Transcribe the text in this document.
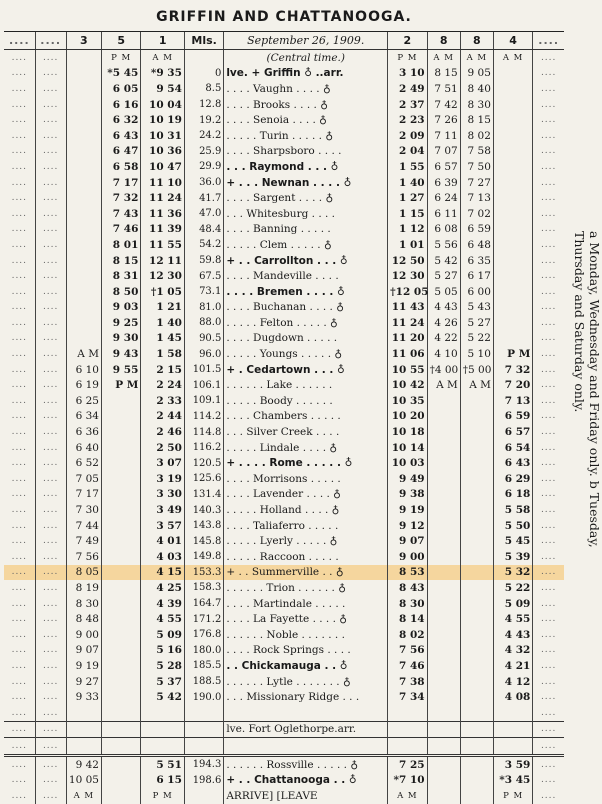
GRIFFIN AND CHATTANOOGA.
....	....	3	5	1	Mls.	September 26, 1909.	2	8	8	4	....
....	....		P M	A M		(Central time.)	P M	A M	A M	A M	....
....	....		*5 45	*9 35	0	lve. + Griffin ♁ ..arr.	3 10	8 15	9 05		....
....	....		6 05	9 54	8.5	. . . . Vaughn . . . . ♁	2 49	7 51	8 40		....
....	....		6 16	10 04	12.8	. . . . Brooks . . . . ♁	2 37	7 42	8 30		....
....	....		6 32	10 19	19.2	. . . . Senoia . . . . ♁	2 23	7 26	8 15		....
....	....		6 43	10 31	24.2	. . . . . Turin . . . . . ♁	2 09	7 11	8 02		....
....	....		6 47	10 36	25.9	. . . . Sharpsboro . . . .	2 04	7 07	7 58		....
....	....		6 58	10 47	29.9	. . . Raymond . . . ♁	1 55	6 57	7 50		....
....	....		7 17	11 10	36.0	+ . . . Newnan . . . . ♁	1 40	6 39	7 27		....
....	....		7 32	11 24	41.7	. . . . Sargent . . . . ♁	1 27	6 24	7 13		....
....	....		7 43	11 36	47.0	. . . Whitesburg . . . .	1 15	6 11	7 02		....
....	....		7 46	11 39	48.4	. . . . Banning . . . . .	1 12	6 08	6 59		....
....	....		8 01	11 55	54.2	. . . . . Clem . . . . . ♁	1 01	5 56	6 48		....
....	....		8 15	12 11	59.8	+ . . Carrollton . . . ♁	12 50	5 42	6 35		....
....	....		8 31	12 30	67.5	. . . . Mandeville . . . .	12 30	5 27	6 17		....
....	....		8 50	†1 05	73.1	. . . . Bremen . . . . ♁	†12 05	5 05	6 00		....
....	....		9 03	1 21	81.0	. . . . Buchanan . . . . ♁	11 43	4 43	5 43		....
....	....		9 25	1 40	88.0	. . . . . Felton . . . . . ♁	11 24	4 26	5 27		....
....	....		9 30	1 45	90.5	. . . . Dugdown . . . . .	11 20	4 22	5 22		....
....	....	A M	9 43	1 58	96.0	. . . . . Youngs . . . . . ♁	11 06	4 10	5 10	P M	....
....	....	6 10	9 55	2 15	101.5	+ . Cedartown . . . ♁	10 55	†4 00	†5 00	7 32	....
....	....	6 19	P M	2 24	106.1	. . . . . . Lake . . . . . .	10 42	A M	A M	7 20	....
....	....	6 25		2 33	109.1	. . . . . Boody . . . . . .	10 35			7 13	....
....	....	6 34		2 44	114.2	. . . . Chambers . . . . .	10 20			6 59	....
....	....	6 36		2 46	114.8	. . . Silver Creek . . . .	10 18			6 57	....
....	....	6 40		2 50	116.2	. . . . . Lindale . . . . ♁	10 14			6 54	....
....	....	6 52		3 07	120.5	+ . . . . Rome . . . . . ♁	10 03			6 43	....
....	....	7 05		3 19	125.6	. . . . Morrisons . . . . .	9 49			6 29	....
....	....	7 17		3 30	131.4	. . . . Lavender . . . . ♁	9 38			6 18	....
....	....	7 30		3 49	140.3	. . . . . Holland . . . . ♁	9 19			5 58	....
....	....	7 44		3 57	143.8	. . . . Taliaferro . . . . .	9 12			5 50	....
....	....	7 49		4 01	145.8	. . . . . Lyerly . . . . . ♁	9 07			5 45	....
....	....	7 56		4 03	149.8	. . . . . Raccoon . . . . .	9 00			5 39	....
....	....	8 05		4 15	153.3	+ . . Summerville . . ♁	8 53			5 32	....
....	....	8 19		4 25	158.3	. . . . . . Trion . . . . . . ♁	8 43			5 22	....
....	....	8 30		4 39	164.7	. . . . Martindale . . . . .	8 30			5 09	....
....	....	8 48		4 55	171.2	. . . . La Fayette . . . . ♁	8 14			4 55	....
....	....	9 00		5 09	176.8	. . . . . . Noble . . . . . . .	8 02			4 43	....
....	....	9 07		5 16	180.0	. . . . Rock Springs . . . .	7 56			4 32	....
....	....	9 19		5 28	185.5	. . Chickamauga . . ♁	7 46			4 21	....
....	....	9 27		5 37	188.5	. . . . . . Lytle . . . . . . . ♁	7 38			4 12	....
....	....	9 33		5 42	190.0	. . . Missionary Ridge . . .	7 34			4 08	....
....	....										....
....	....					lve. Fort Oglethorpe.arr.					....
....	....										....
....	....	9 42		5 51	194.3	. . . . . . Rossville . . . . . ♁	7 25			3 59	....
....	....	10 05		6 15	198.6	+ . . Chattanooga . . ♁	*7 10			*3 45	....
....	....	A M		P M		ARRIVE] [LEAVE	A M			P M	....
a Monday, Wednesday and Friday only. b Tuesday, Thursday and Saturday only.
